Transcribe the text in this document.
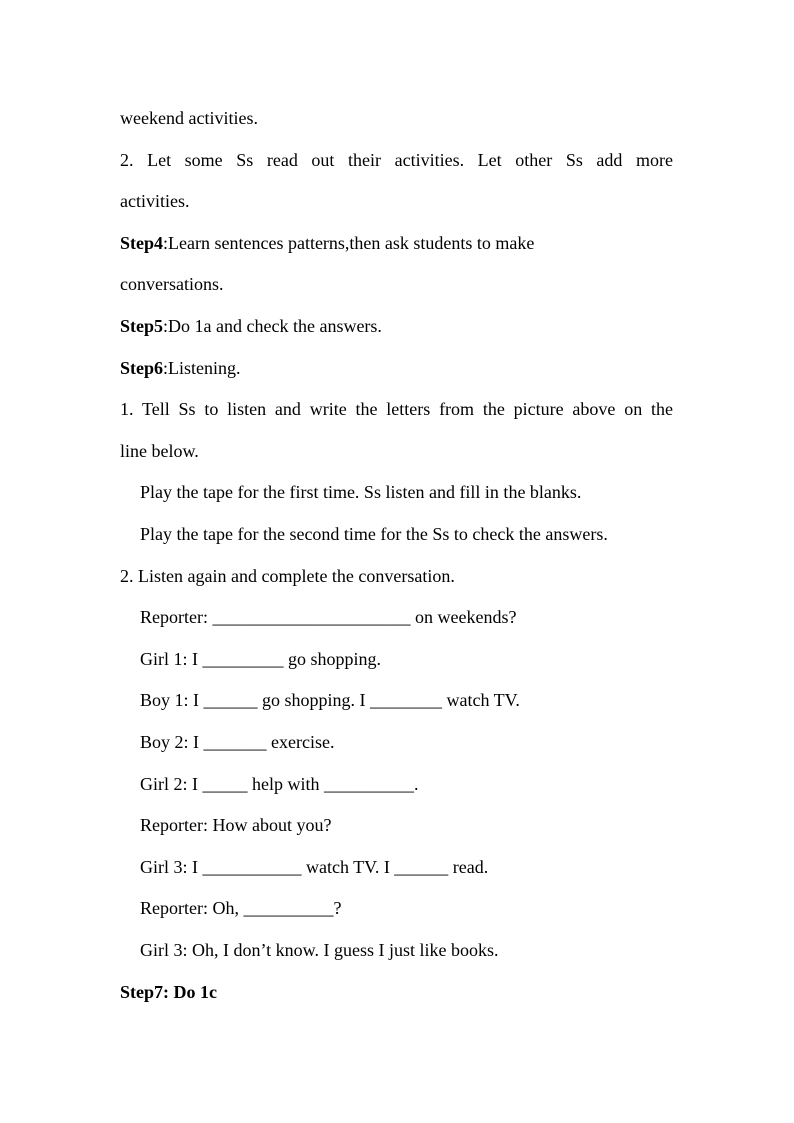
weekend activities.
2. Let some Ss read out their activities. Let other Ss add more
activities.
Step4:Learn sentences patterns,then ask students to make
conversations.
Step5:Do 1a and check the answers.
Step6:Listening.
1. Tell Ss to listen and write the letters from the picture above on the
line below.
Play the tape for the first time. Ss listen and fill in the blanks.
Play the tape for the second time for the Ss to check the answers.
2. Listen again and complete the conversation.
Reporter: ______________________ on weekends?
Girl 1: I _________ go shopping.
Boy 1: I ______ go shopping. I ________ watch TV.
Boy 2: I _______ exercise.
Girl 2: I _____ help with __________.
Reporter: How about you?
Girl 3: I ___________ watch TV. I ______ read.
Reporter: Oh, __________?
Girl 3: Oh, I don’t know. I guess I just like books.
Step7: Do 1c
